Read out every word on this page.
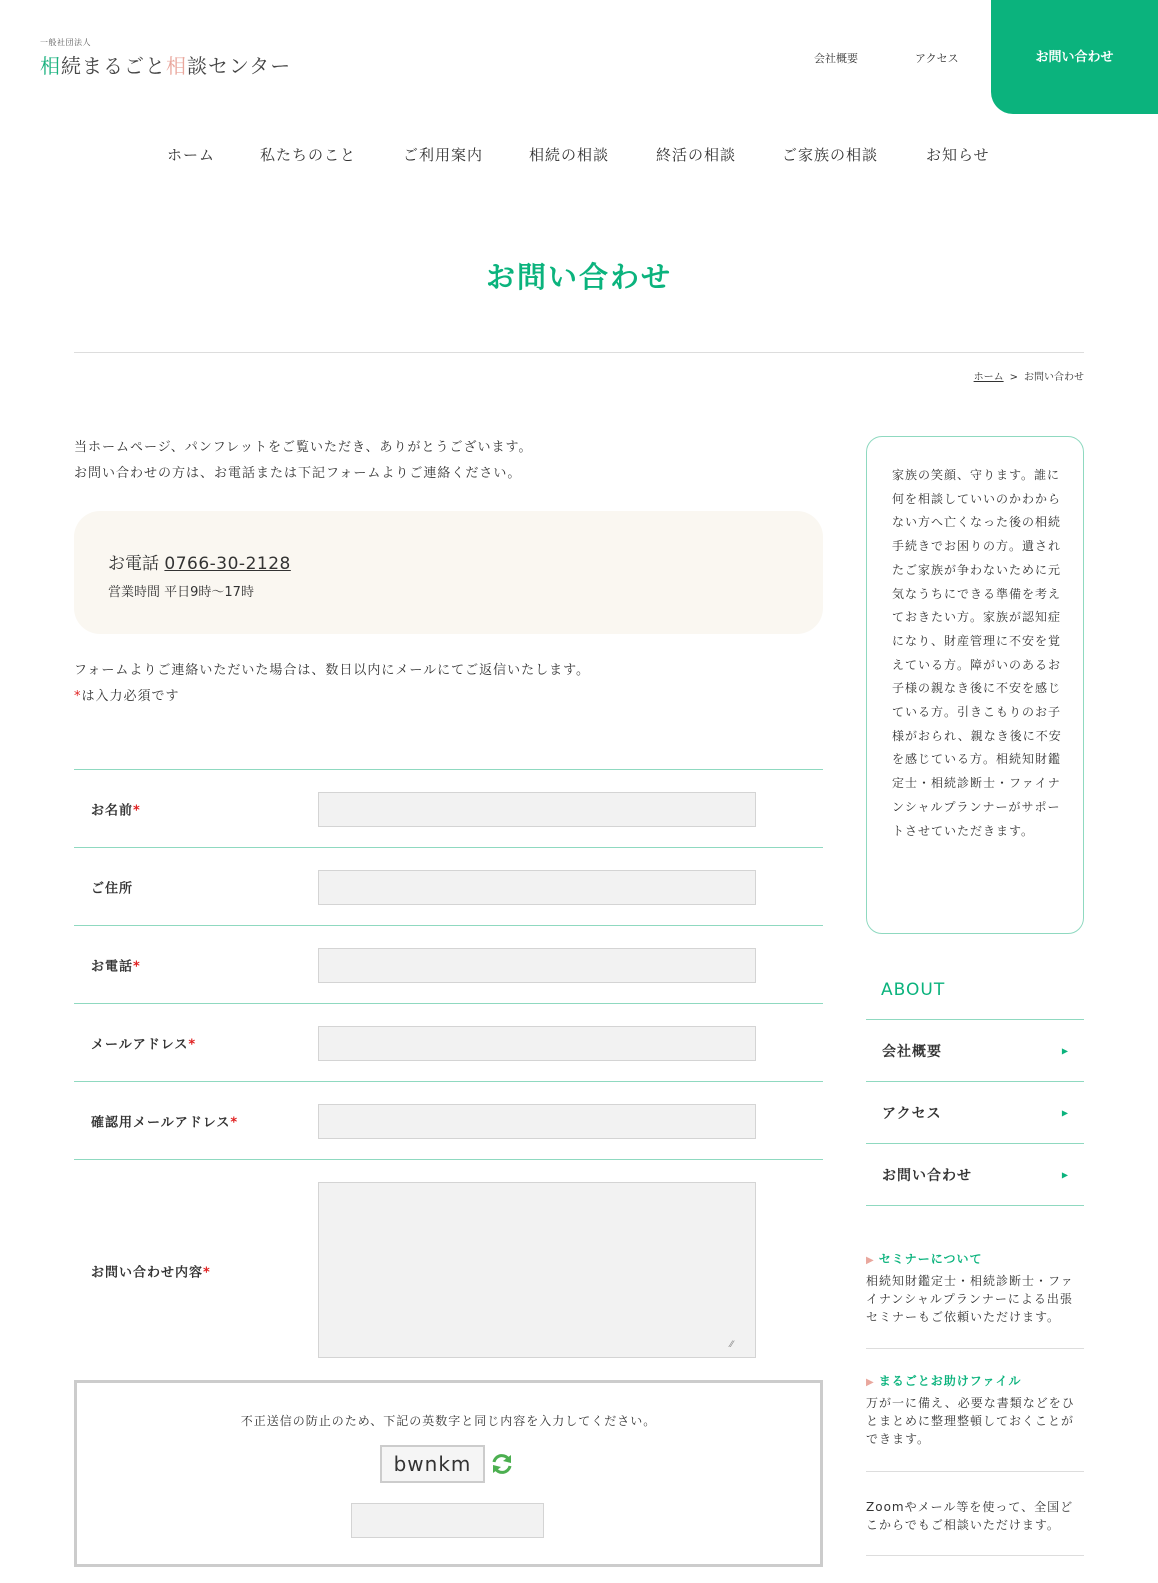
一般社団法人
相続まるごと相談センター	会社概要	アクセス	お問い合わせ
ホーム	私たちのこと	ご利用案内	相続の相談	終活の相談	ご家族の相談	お知らせ
お問い合わせ
ホーム > お問い合わせ
当ホームページ、パンフレットをご覧いただき、ありがとうございます。
お問い合わせの方は、お電話または下記フォームよりご連絡ください。
お電話 0766-30-2128
営業時間 平日9時～17時
フォームよりご連絡いただいた場合は、数日以内にメールにてご返信いたします。
*は入力必須です
お名前*
ご住所
お電話*
メールアドレス*
確認用メールアドレス*
お問い合わせ内容*
⁄⁄
不正送信の防止のため、下記の英数字と同じ内容を入力してください。
bwnkm
家族の笑顔、守ります。誰に何を相談していいのかわからない方へ亡くなった後の相続手続きでお困りの方。遺されたご家族が争わないために元気なうちにできる準備を考えておきたい方。家族が認知症になり、財産管理に不安を覚えている方。障がいのあるお子様の親なき後に不安を感じている方。引きこもりのお子様がおられ、親なき後に不安を感じている方。相続知財鑑定士・相続診断士・ファイナンシャルプランナーがサポートさせていただきます。
ABOUT
会社概要	▶
アクセス	▶
お問い合わせ	▶
▶ セミナーについて
相続知財鑑定士・相続診断士・ファイナンシャルプランナーによる出張セミナーもご依頼いただけます。
▶ まるごとお助けファイル
万が一に備え、必要な書類などをひとまとめに整理整頓しておくことができます。
Zoomやメール等を使って、全国どこからでもご相談いただけます。
